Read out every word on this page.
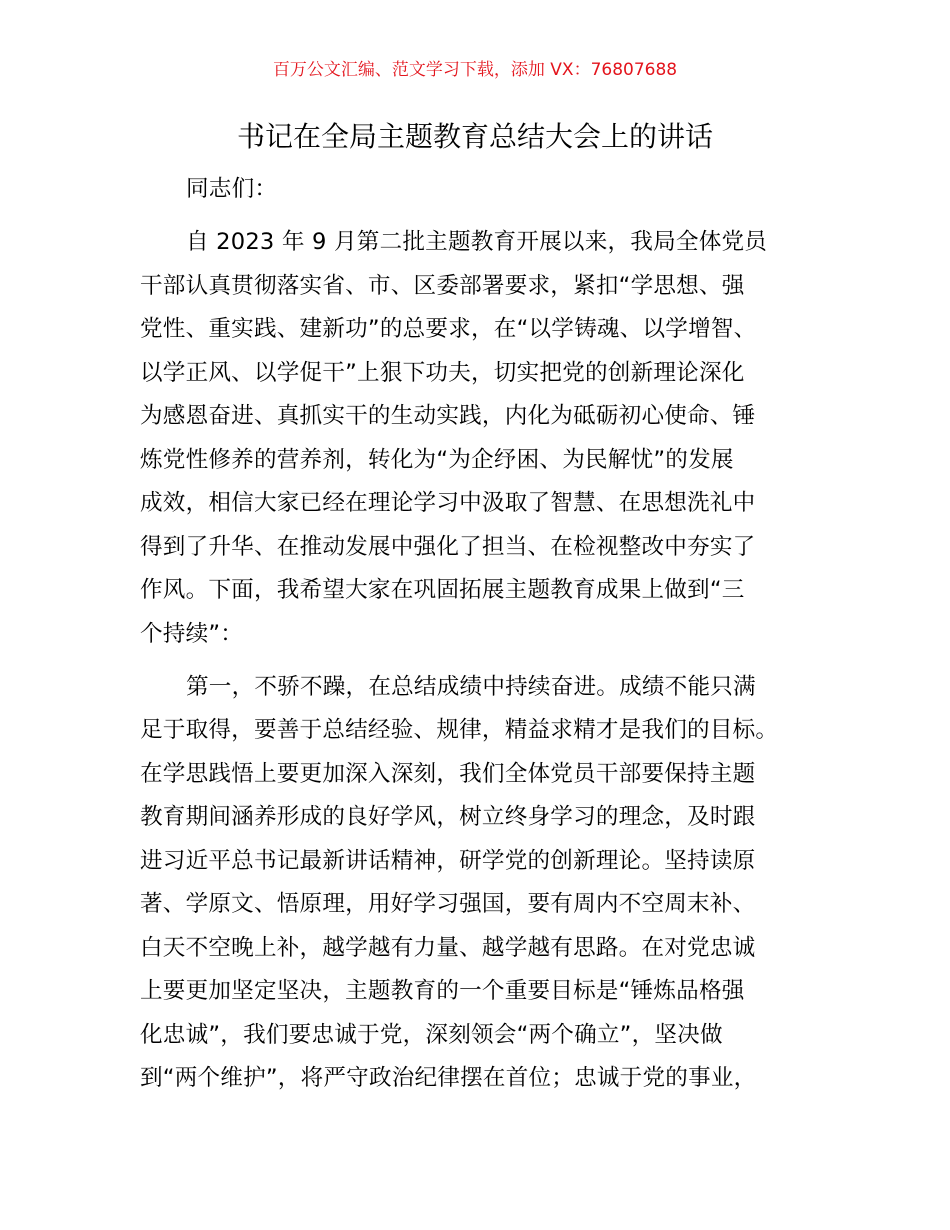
百万公文汇编、范文学习下载，添加 VX：76807688
书记在全局主题教育总结大会上的讲话
同志们：
自 2023 年 9 月第二批主题教育开展以来，我局全体党员
干部认真贯彻落实省、市、区委部署要求，紧扣“学思想、强
党性、重实践、建新功”的总要求，在“以学铸魂、以学增智、
以学正风、以学促干”上狠下功夫，切实把党的创新理论深化
为感恩奋进、真抓实干的生动实践，内化为砥砺初心使命、锤
炼党性修养的营养剂，转化为“为企纾困、为民解忧”的发展
成效，相信大家已经在理论学习中汲取了智慧、在思想洗礼中
得到了升华、在推动发展中强化了担当、在检视整改中夯实了
作风。下面，我希望大家在巩固拓展主题教育成果上做到“三
个持续”：
第一，不骄不躁，在总结成绩中持续奋进。成绩不能只满
足于取得，要善于总结经验、规律，精益求精才是我们的目标。
在学思践悟上要更加深入深刻，我们全体党员干部要保持主题
教育期间涵养形成的良好学风，树立终身学习的理念，及时跟
进习近平总书记最新讲话精神，研学党的创新理论。坚持读原
著、学原文、悟原理，用好学习强国，要有周内不空周末补、
白天不空晚上补，越学越有力量、越学越有思路。在对党忠诚
上要更加坚定坚决，主题教育的一个重要目标是“锤炼品格强
化忠诚”，我们要忠诚于党，深刻领会“两个确立”，坚决做
到“两个维护”，将严守政治纪律摆在首位；忠诚于党的事业，
